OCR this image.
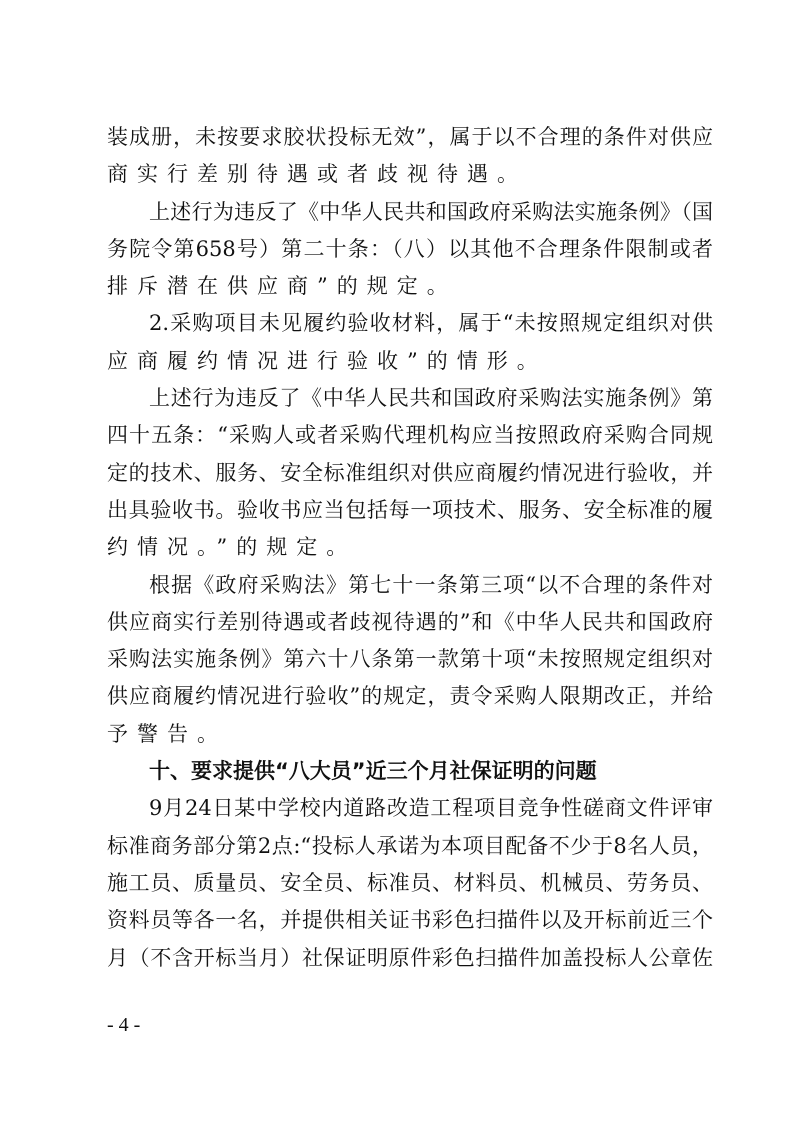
装成册，未按要求胶状投标无效”，属于以不合理的条件对供应
商实行差别待遇或者歧视待遇。
上述行为违反了《中华人民共和国政府采购法实施条例》（国
务院令第658号）第二十条：（八）以其他不合理条件限制或者
排斥潜在供应商”的规定。
2.采购项目未见履约验收材料，属于“未按照规定组织对供
应商履约情况进行验收”的情形。
上述行为违反了《中华人民共和国政府采购法实施条例》第
四十五条：“采购人或者采购代理机构应当按照政府采购合同规
定的技术、服务、安全标准组织对供应商履约情况进行验收，并
出具验收书。验收书应当包括每一项技术、服务、安全标准的履
约情况。”的规定。
根据《政府采购法》第七十一条第三项“以不合理的条件对
供应商实行差别待遇或者歧视待遇的”和《中华人民共和国政府
采购法实施条例》第六十八条第一款第十项“未按照规定组织对
供应商履约情况进行验收”的规定，责令采购人限期改正，并给
予警告。
十、要求提供“八大员”近三个月社保证明的问题
9月24日某中学校内道路改造工程项目竞争性磋商文件评审
标准商务部分第2点:“投标人承诺为本项目配备不少于8名人员，
施工员、质量员、安全员、标准员、材料员、机械员、劳务员、
资料员等各一名，并提供相关证书彩色扫描件以及开标前近三个
月（不含开标当月）社保证明原件彩色扫描件加盖投标人公章佐
- 4 -
